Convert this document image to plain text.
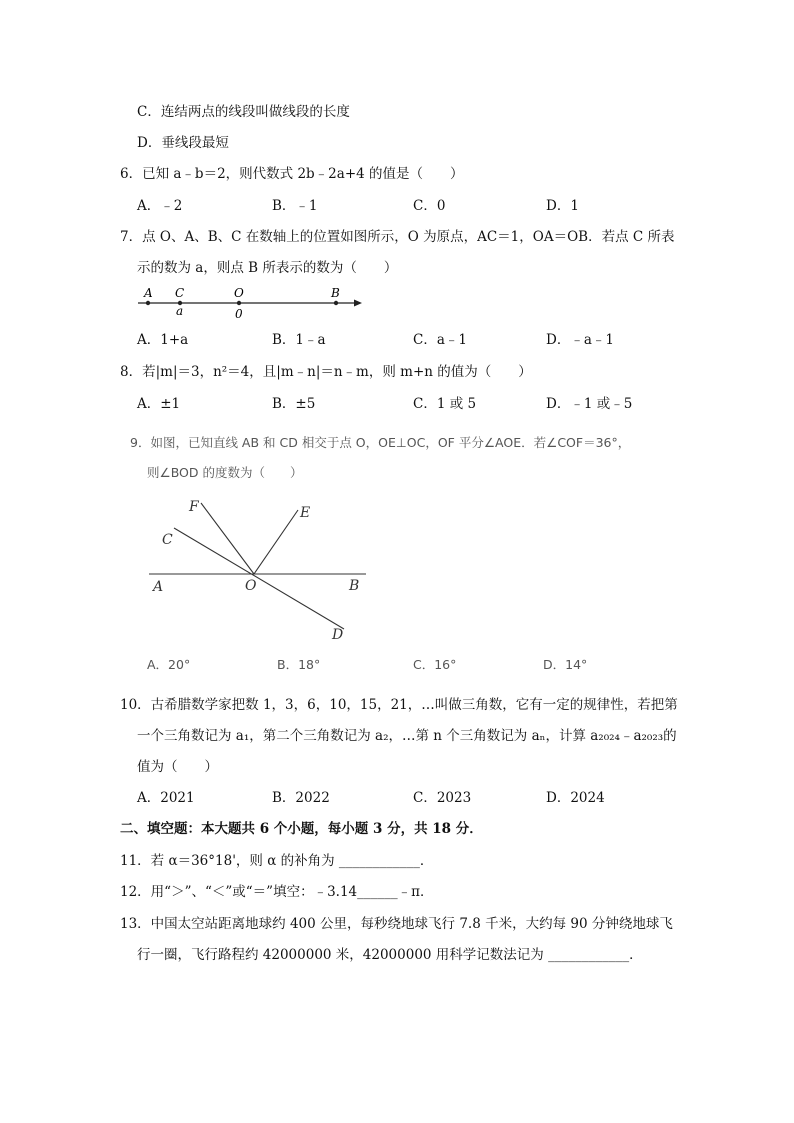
C．连结两点的线段叫做线段的长度
D．垂线段最短
6．已知 a﹣b＝2，则代数式 2b﹣2a+4 的值是（　　）
A．﹣2	B．﹣1	C．0	D．1
7．点 O、A、B、C 在数轴上的位置如图所示，O 为原点，AC＝1，OA＝OB．若点 C 所表
示的数为 a，则点 B 所表示的数为（　　）
A C	O	B
a	0
A．1+a	B．1﹣a	C．a﹣1	D．﹣a﹣1
8．若|m|＝3，n²＝4，且|m﹣n|＝n﹣m，则 m+n 的值为（　　）
A．±1	B．±5	C．1 或 5	D．﹣1 或﹣5
9．如图，已知直线 AB 和 CD 相交于点 O，OE⊥OC，OF 平分∠AOE．若∠COF＝36°，
则∠BOD 的度数为（　　）
F
C
E
A	O	B
D
A．20°	B．18°	C．16°	D．14°
10．古希腊数学家把数 1，3，6，10，15，21，…叫做三角数，它有一定的规律性，若把第
一个三角数记为 a₁，第二个三角数记为 a₂，…第 n 个三角数记为 aₙ，计算 a₂₀₂₄﹣a₂₀₂₃的
值为（　　）
A．2021	B．2022	C．2023	D．2024
二、填空题：本大题共 6 个小题，每小题 3 分，共 18 分．
11．若 α＝36°18'，则 α 的补角为 ____________．
12．用“＞”、“＜”或“＝”填空：﹣3.14______﹣π．
13．中国太空站距离地球约 400 公里，每秒绕地球飞行 7.8 千米，大约每 90 分钟绕地球飞
行一圈，飞行路程约 42000000 米，42000000 用科学记数法记为 ____________．
